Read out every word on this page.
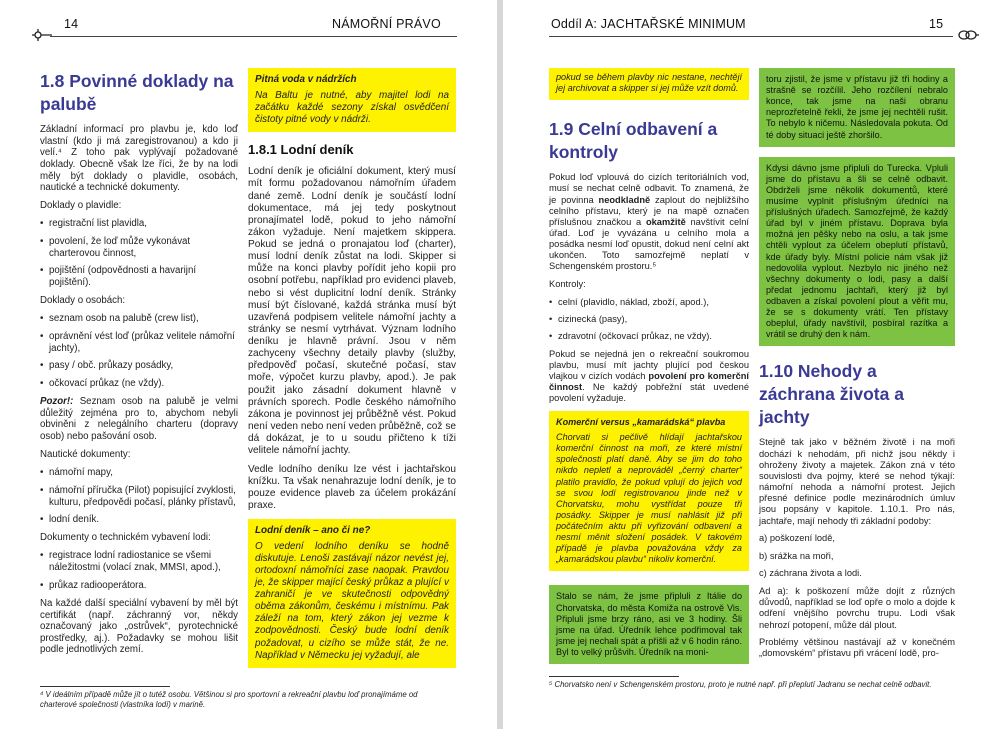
14	NÁMOŘNÍ PRÁVO
1.8 Povinné doklady na palubě

Základní informací pro plavbu je, kdo loď vlastní (kdo ji má zaregistrovanou) a kdo ji velí.⁴ Z toho pak vyplývají požadované doklady. Obecně však lze říci, že by na lodi měly být doklady o plavidle, osobách, nautické a technické dokumenty.

Doklady o plavidle:

• registrační list plavidla,
• povolení, že loď může vykonávat charterovou činnost,
• pojištění (odpovědnosti a havarijní pojištění).

Doklady o osobách:

• seznam osob na palubě (crew list),
• oprávnění vést loď (průkaz velitele námořní jachty),
• pasy / obč. průkazy posádky,
• očkovací průkaz (ne vždy).

Pozor!: Seznam osob na palubě je velmi důležitý zejména pro to, abychom nebyli obviněni z nelegálního charteru (dopravy osob) nebo pašování osob.

Nautické dokumenty:

• námořní mapy,
• námořní příručka (Pilot) popisující zvyklosti, kulturu, předpovědi počasí, plánky přístavů,
• lodní deník.

Dokumenty o technickém vybavení lodi:

• registrace lodní radiostanice se všemi náležitostmi (volací znak, MMSI, apod.),
• průkaz radiooperátora.

Na každé další speciální vybavení by měl být certifikát (např. záchranný vor, někdy označovaný jako „ostrůvek“, pyrotechnické prostředky, aj.). Požadavky se mohou lišit podle jednotlivých zemí.

Pitná voda v nádržích
Na Baltu je nutné, aby majitel lodi na začátku každé sezony získal osvědčení čistoty pitné vody v nádrži.
1.8.1 Lodní deník

Lodní deník je oficiální dokument, který musí mít formu požadovanou námořním úřadem dané země. Lodní deník je součástí lodní dokumentace, má jej tedy poskytnout pronajímatel lodě, pokud to jeho námořní zákon vyžaduje. Není majetkem skippera. Pokud se jedná o pronajatou loď (charter), musí lodní deník zůstat na lodi. Skipper si může na konci plavby pořídit jeho kopii pro osobní potřebu, například pro evidenci plaveb, nebo si vést duplicitní lodní deník. Stránky musí být číslované, každá stránka musí být uzavřená podpisem velitele námořní jachty a stránky se nesmí vytrhávat. Význam lodního deníku je hlavně právní. Jsou v něm zachyceny všechny detaily plavby (služby, předpověď počasí, skutečné počasí, stav moře, výpočet kurzu plavby, apod.). Je pak použit jako zásadní dokument hlavně v právních sporech. Podle českého námořního zákona je povinnost jej průběžně vést. Pokud není veden nebo není veden průběžně, což se dá dokázat, je to u soudu přičteno k tíži velitele námořní jachty.

Vedle lodního deníku lze vést i jachtařskou knížku. Ta však nenahrazuje lodní deník, je to pouze evidence plaveb za účelem prokázání praxe.

Lodní deník – ano či ne?
O vedení lodního deníku se hodně diskutuje. Lenoši zastávají názor nevést jej, ortodoxní námořníci zase naopak. Pravdou je, že skipper mající český průkaz a plující v zahraničí je ve skutečnosti odpovědný oběma zákonům, českému i místnímu. Pak záleží na tom, který zákon jej vezme k zodpovědnosti. Český bude lodní deník požadovat, u cizího se může stát, že ne. Například v Německu jej vyžadují, ale
⁴ V ideálním případě může jít o tutéž osobu. Většinou si pro sportovní a rekreační plavbu loď pronajímáme od charterové společnosti (vlastníka lodí) v marině.
Oddíl A: JACHTAŘSKÉ MINIMUM	15
pokud se během plavby nic nestane, nechtějí jej archivovat a skipper si jej může vzít domů.
1.9 Celní odbavení a kontroly

Pokud loď vplouvá do cizích teritoriálních vod, musí se nechat celně odbavit. To znamená, že je povinna neodkladně zaplout do nejbližšího celního přístavu, který je na mapě označen příslušnou značkou a okamžitě navštívit celní úřad. Loď je vyvázána u celního mola a posádka nesmí loď opustit, dokud není celní akt ukončen. Toto samozřejmě neplatí v Schengenském prostoru.⁵

Kontroly:

• celní (plavidlo, náklad, zboží, apod.),
• cizinecká (pasy),
• zdravotní (očkovací průkaz, ne vždy).

Pokud se nejedná jen o rekreační soukromou plavbu, musí mít jachty plující pod českou vlajkou v cizích vodách povolení pro komerční činnost. Ne každý pobřežní stát uvedené povolení vyžaduje.

Komerční versus „kamarádská“ plavba
Chorvati si pečlivě hlídají jachtařskou komerční činnost na moři, ze které místní společnosti platí daně. Aby se jim do toho nikdo nepletl a neprováděl „černý charter“ platilo pravidlo, že pokud vplují do jejich vod se svou lodí registrovanou jinde než v Chorvatsku, mohu vystřídat pouze tři posádky. Skipper je musí nahlásit již při počátečním aktu při vyřizování odbavení a nesmí měnit složení posádek. V takovém případě je plavba považována vždy za „kamarádskou plavbu“ nikoliv komerční.
Stalo se nám, že jsme připluli z Itálie do Chorvatska, do města Komiža na ostrově Vis. Připluli jsme brzy ráno, asi ve 3 hodiny. Šli jsme na úřad. Úředník lehce podřimoval tak jsme jej nechali spát a přišli až v 6 hodin ráno. Byl to velký průšvih. Úředník na moni-
toru zjistil, že jsme v přístavu již tři hodiny a strašně se rozčílil. Jeho rozčílení nebralo konce, tak jsme na naši obranu neprozřetelně řekli, že jsme jej nechtěli rušit. To nebylo k ničemu. Následovala pokuta. Od té doby situaci ještě zhoršilo.
Kdysi dávno jsme připluli do Turecka. Vpluli jsme do přístavu a šli se celně odbavit. Obdrželi jsme několik dokumentů, které musíme vyplnit příslušným úředníci na příslušných úřadech. Samozřejmě, že každý úřad byl v jiném přístavu. Doprava byla možná jen pěšky nebo na oslu, a tak jsme chtěli vyplout za účelem obeplutí přístavů, kde úřady byly. Místní policie nám však již nedovolila vyplout. Nezbylo nic jiného než všechny dokumenty o lodi, pasy a další předat jednomu jachtaři, který již byl odbaven a získal povolení plout a věřit mu, že se s dokumenty vrátí. Ten přístavy obeplul, úřady navštívil, posbíral razítka a vrátil se druhý den k nám.
1.10 Nehody a záchrana života a jachty

Stejně tak jako v běžném životě i na moři dochází k nehodám, při nichž jsou někdy i ohroženy životy a majetek. Zákon zná v této souvislosti dva pojmy, které se nehod týkají: námořní nehoda a námořní protest. Jejich přesné definice podle mezinárodních úmluv jsou popsány v kapitole. 1.10.1. Pro nás, jachtaře, mají nehody tři základní podoby:

a) poškození lodě,

b) srážka na moři,

c) záchrana života a lodi.

Ad a): k poškození může dojít z různých důvodů, například se loď opře o molo a dojde k odření vnějšího povrchu trupu. Lodi však nehrozí potopení, může dál plout.

Problémy většinou nastávají až v konečném „domovském“ přístavu při vrácení lodě, pro-

⁵ Chorvatsko není v Schengenském prostoru, proto je nutné např. při přeplutí Jadranu se nechat celně odbavit.
